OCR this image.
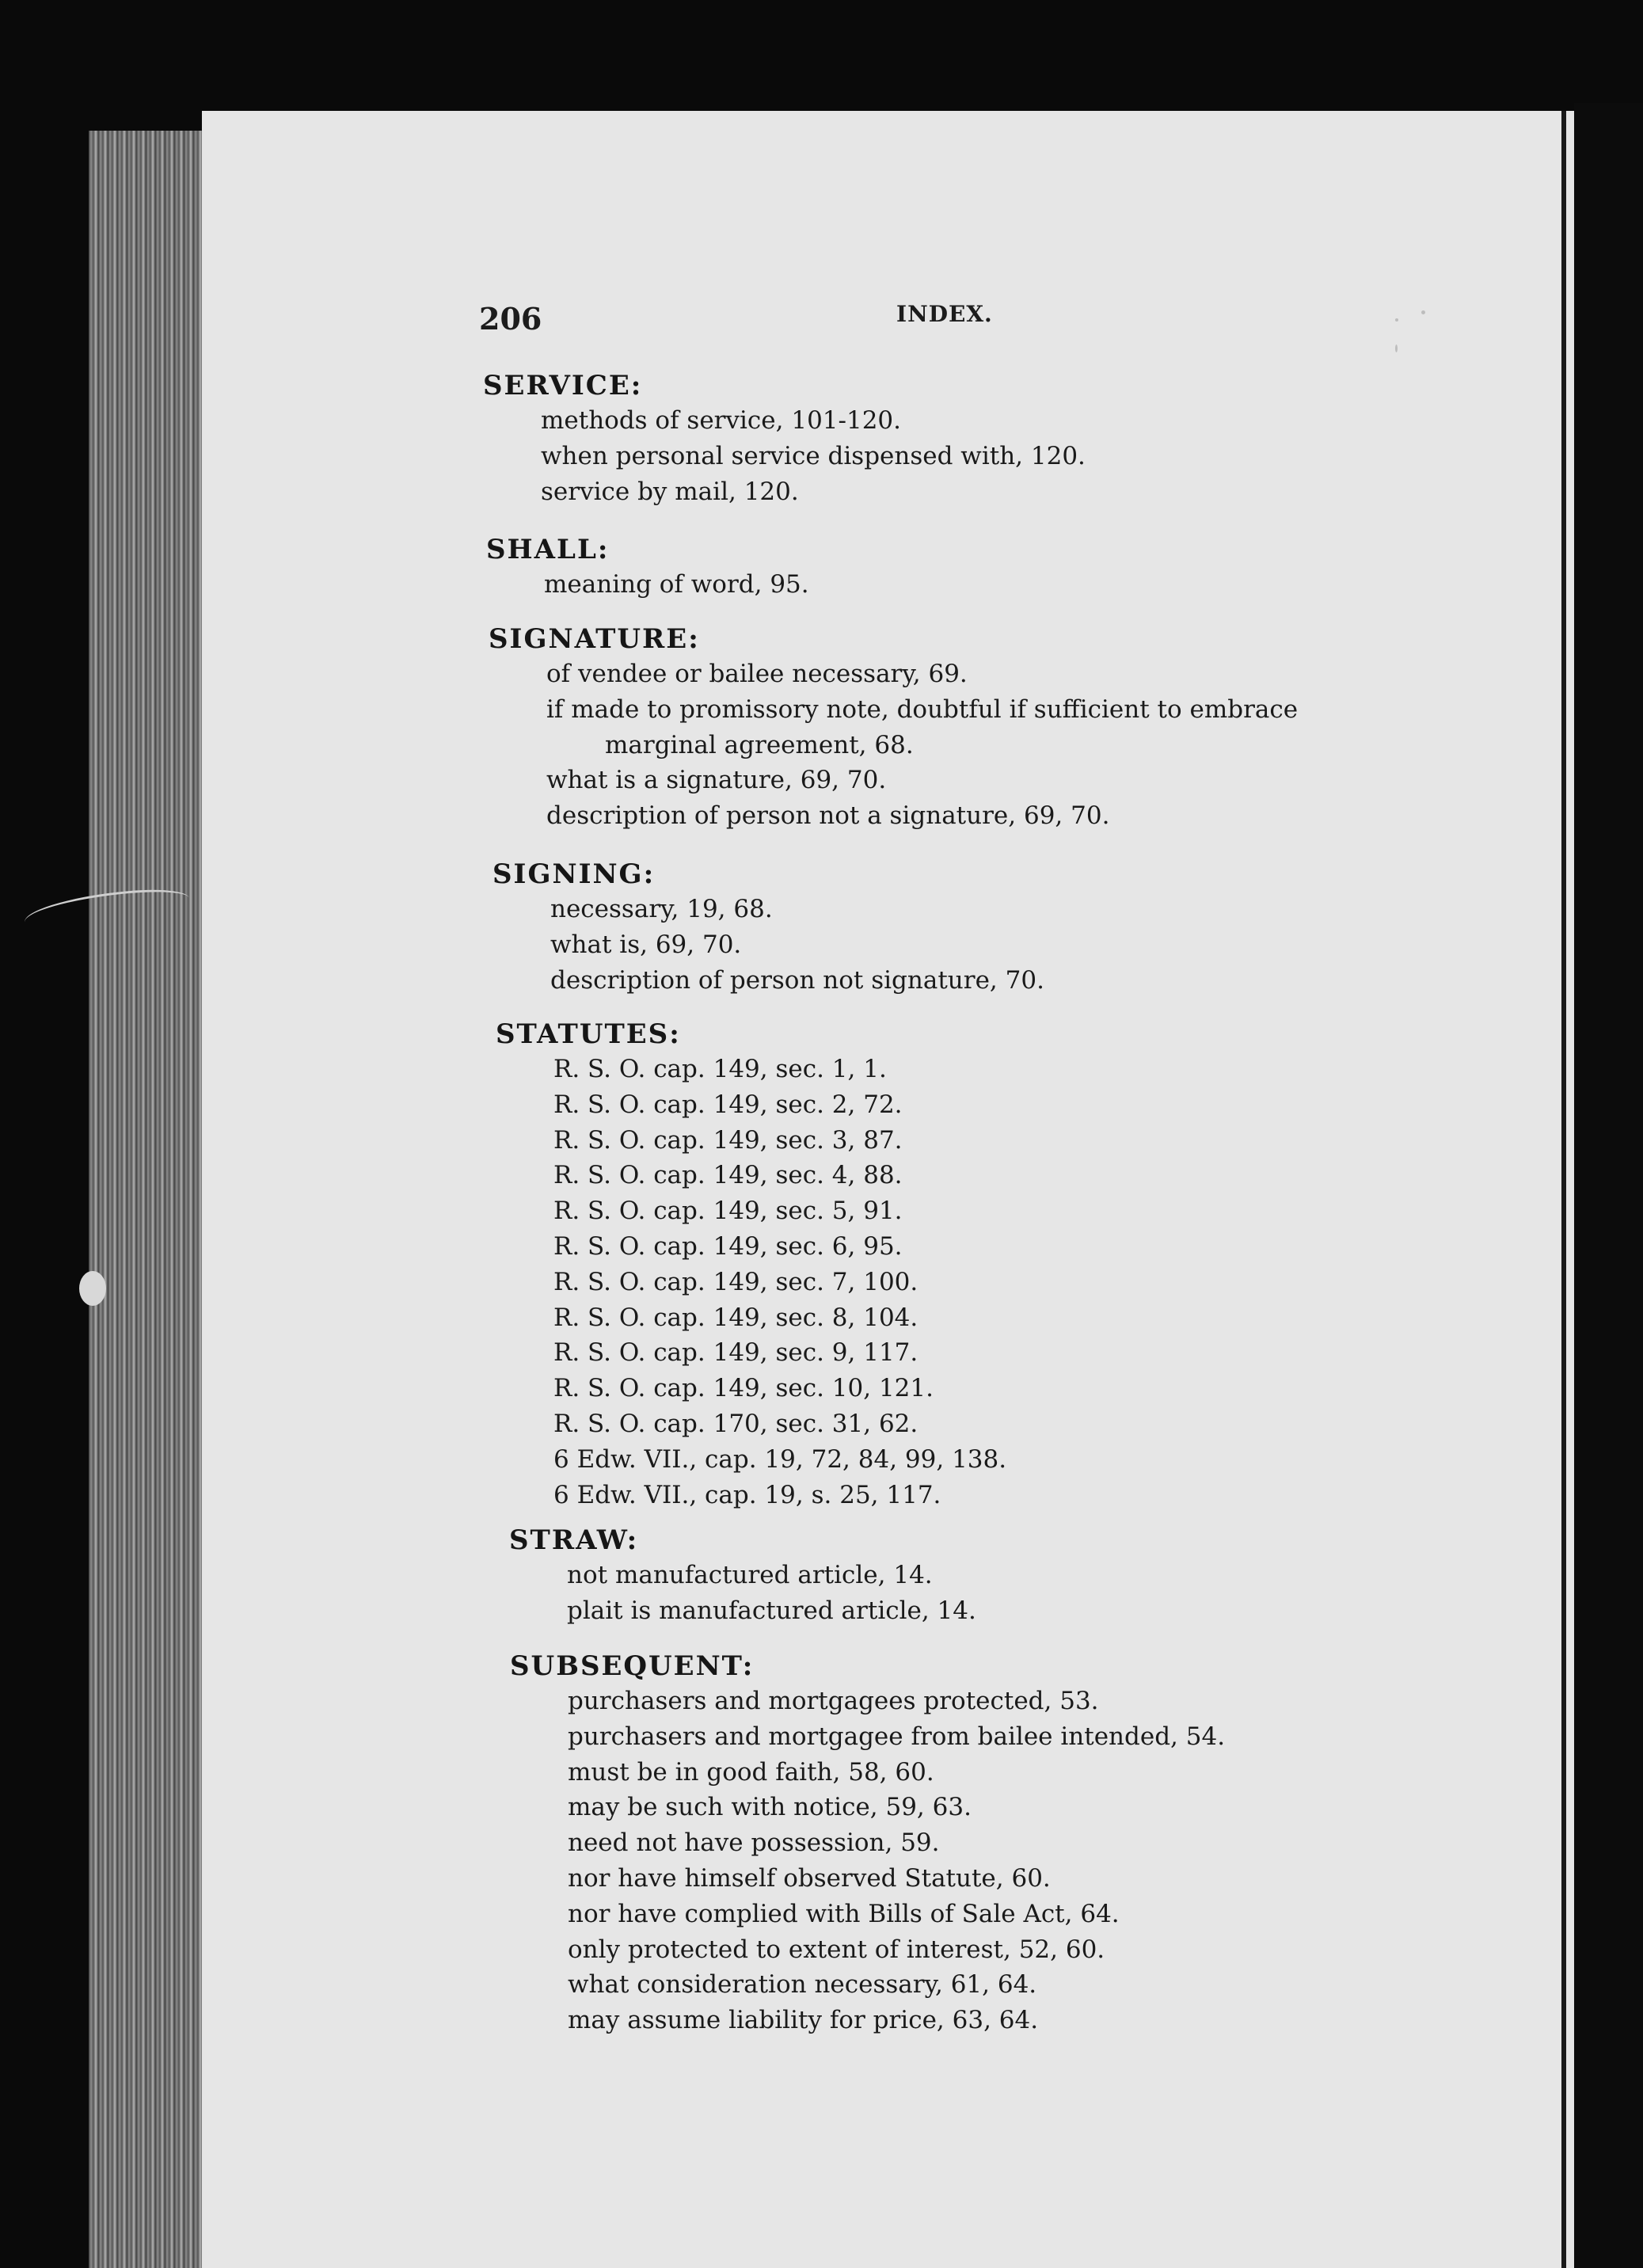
206	INDEX.
SERVICE:
methods of service, 101-120.
when personal service dispensed with, 120.
service by mail, 120.
SHALL:
meaning of word, 95.
SIGNATURE:
of vendee or bailee necessary, 69.
if made to promissory note, doubtful if sufficient to embrace
marginal agreement, 68.
what is a signature, 69, 70.
description of person not a signature, 69, 70.
SIGNING:
necessary, 19, 68.
what is, 69, 70.
description of person not signature, 70.
STATUTES:
R. S. O. cap. 149, sec. 1, 1.
R. S. O. cap. 149, sec. 2, 72.
R. S. O. cap. 149, sec. 3, 87.
R. S. O. cap. 149, sec. 4, 88.
R. S. O. cap. 149, sec. 5, 91.
R. S. O. cap. 149, sec. 6, 95.
R. S. O. cap. 149, sec. 7, 100.
R. S. O. cap. 149, sec. 8, 104.
R. S. O. cap. 149, sec. 9, 117.
R. S. O. cap. 149, sec. 10, 121.
R. S. O. cap. 170, sec. 31, 62.
6 Edw. VII., cap. 19, 72, 84, 99, 138.
6 Edw. VII., cap. 19, s. 25, 117.
STRAW:
not manufactured article, 14.
plait is manufactured article, 14.
SUBSEQUENT:
purchasers and mortgagees protected, 53.
purchasers and mortgagee from bailee intended, 54.
must be in good faith, 58, 60.
may be such with notice, 59, 63.
need not have possession, 59.
nor have himself observed Statute, 60.
nor have complied with Bills of Sale Act, 64.
only protected to extent of interest, 52, 60.
what consideration necessary, 61, 64.
may assume liability for price, 63, 64.
